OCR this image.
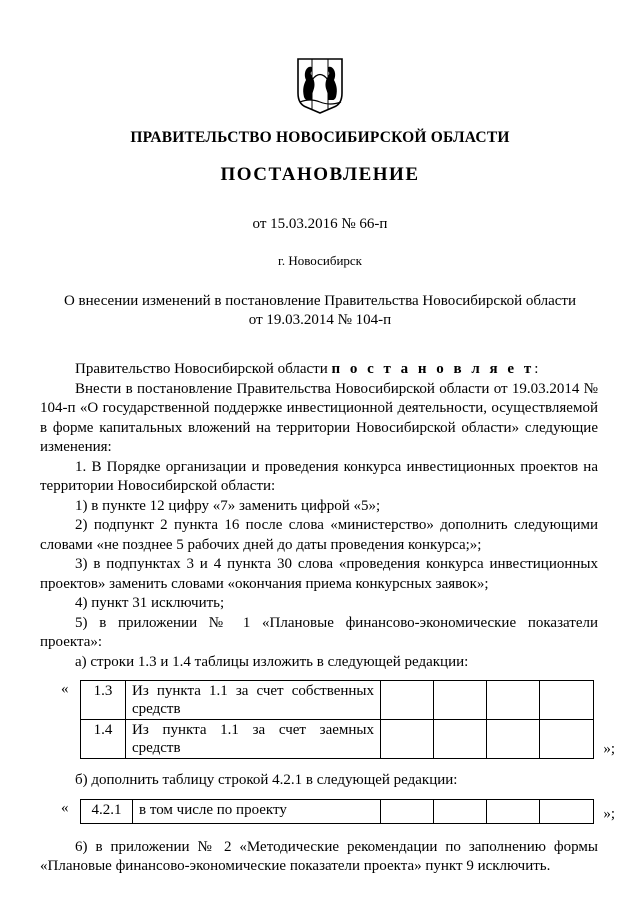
ПРАВИТЕЛЬСТВО НОВОСИБИРСКОЙ ОБЛАСТИ
ПОСТАНОВЛЕНИЕ
от 15.03.2016 № 66-п
г. Новосибирск
О внесении изменений в постановление Правительства Новосибирской области
от 19.03.2014 № 104-п

Правительство Новосибирской области п о с т а н о в л я е т:

Внести в постановление Правительства Новосибирской области от 19.03.2014 № 104-п «О государственной поддержке инвестиционной деятельности, осуществляемой в форме капитальных вложений на территории Новосибирской области» следующие изменения:

1. В Порядке организации и проведения конкурса инвестиционных проектов на территории Новосибирской области:

1) в пункте 12 цифру «7» заменить цифрой «5»;

2) подпункт 2 пункта 16 после слова «министерство» дополнить следующими словами «не позднее 5 рабочих дней до даты проведения конкурса;»;

3) в подпунктах 3 и 4 пункта 30 слова «проведения конкурса инвестиционных проектов» заменить словами «окончания приема конкурсных заявок»;

4) пункт 31 исключить;

5) в приложении № 1 «Плановые финансово-экономические показатели проекта»:

а) строки 1.3 и 1.4 таблицы изложить в следующей редакции:

« 1.3	Из пункта 1.1 за счет собственных средств				
1.4	Из пункта 1.1 за счет заемных средств					»;

б) дополнить таблицу строкой 4.2.1 в следующей редакции:

« 4.2.1	в том числе по проекту					»;

6) в приложении № 2 «Методические рекомендации по заполнению формы «Плановые финансово-экономические показатели проекта» пункт 9 исключить.
